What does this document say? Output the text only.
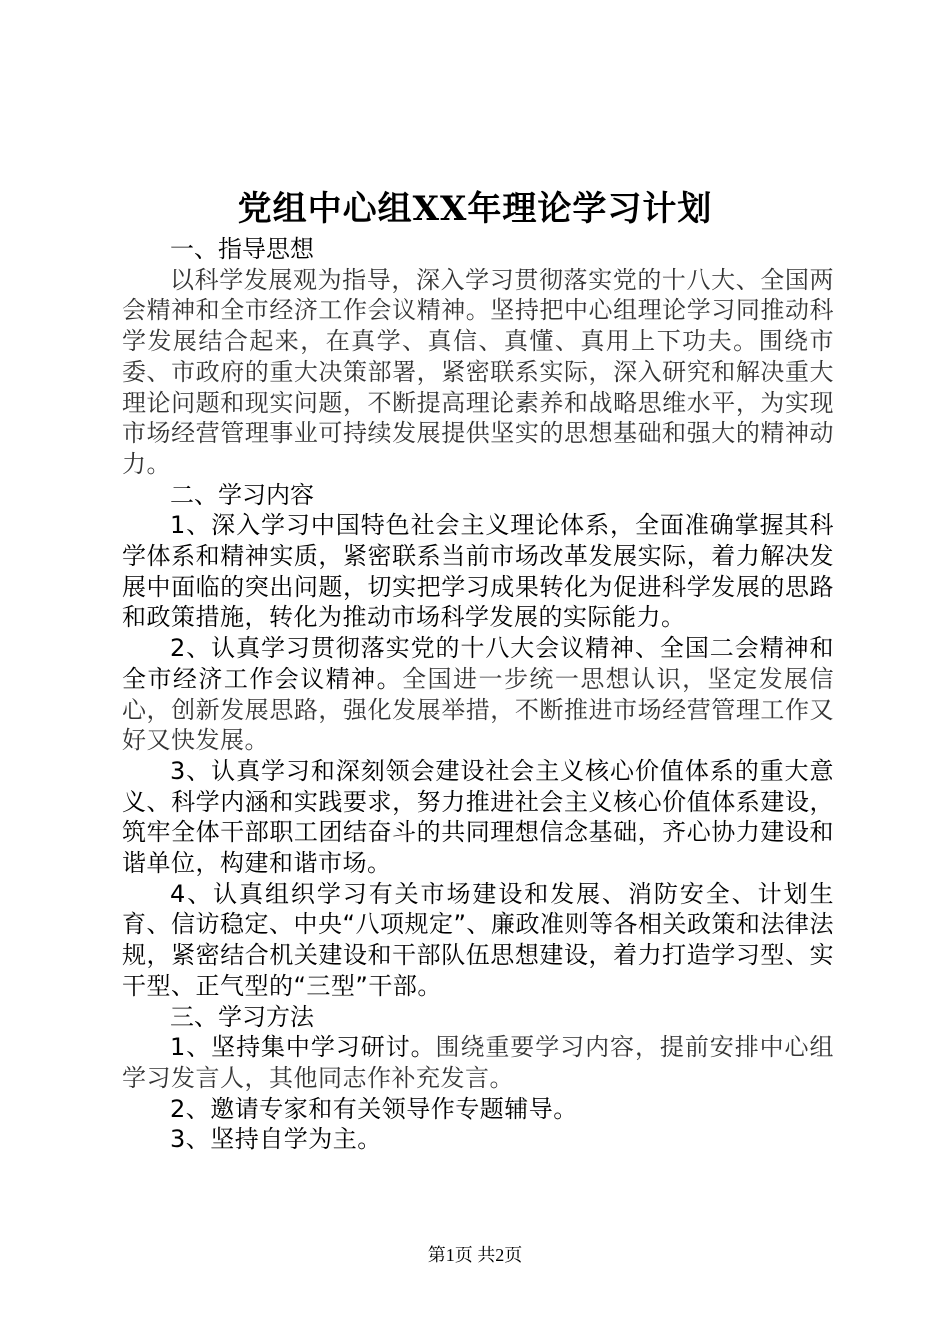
党组中心组XX年理论学习计划

一、指导思想

以科学发展观为指导，深入学习贯彻落实党的十八大、全国两会精神和全市经济工作会议精神。坚持把中心组理论学习同推动科学发展结合起来，在真学、真信、真懂、真用上下功夫。围绕市委、市政府的重大决策部署，紧密联系实际，深入研究和解决重大理论问题和现实问题，不断提高理论素养和战略思维水平，为实现市场经营管理事业可持续发展提供坚实的思想基础和强大的精神动力。

二、学习内容

1、深入学习中国特色社会主义理论体系，全面准确掌握其科学体系和精神实质，紧密联系当前市场改革发展实际，着力解决发展中面临的突出问题，切实把学习成果转化为促进科学发展的思路和政策措施，转化为推动市场科学发展的实际能力。

2、认真学习贯彻落实党的十八大会议精神、全国二会精神和全市经济工作会议精神。全国进一步统一思想认识，坚定发展信心，创新发展思路，强化发展举措，不断推进市场经营管理工作又好又快发展。

3、认真学习和深刻领会建设社会主义核心价值体系的重大意义、科学内涵和实践要求，努力推进社会主义核心价值体系建设，筑牢全体干部职工团结奋斗的共同理想信念基础，齐心协力建设和谐单位，构建和谐市场。

4、认真组织学习有关市场建设和发展、消防安全、计划生育、信访稳定、中央“八项规定”、廉政准则等各相关政策和法律法规，紧密结合机关建设和干部队伍思想建设，着力打造学习型、实干型、正气型的“三型”干部。

三、学习方法

1、坚持集中学习研讨。围绕重要学习内容，提前安排中心组学习发言人，其他同志作补充发言。

2、邀请专家和有关领导作专题辅导。

3、坚持自学为主。

第1页 共2页
